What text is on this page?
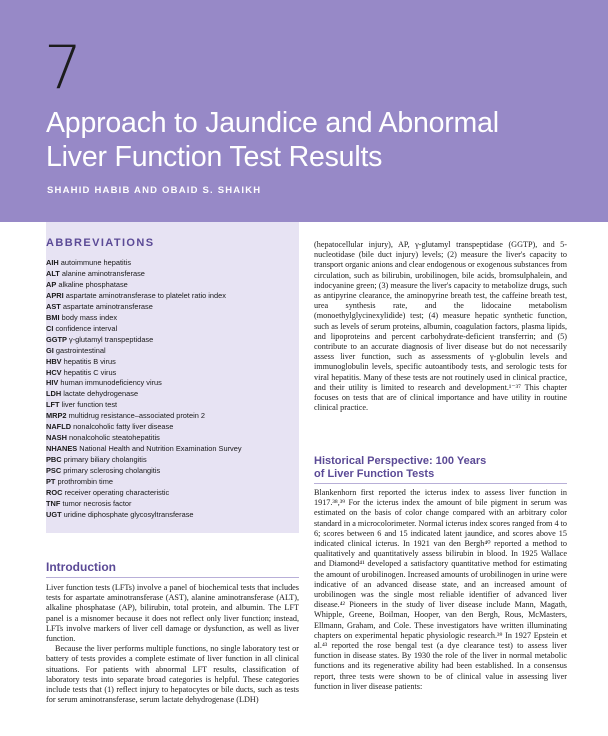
7
Approach to Jaundice and Abnormal
Liver Function Test Results
SHAHID HABIB AND OBAID S. SHAIKH
ABBREVIATIONS
AIH autoimmune hepatitis
ALT alanine aminotransferase
AP alkaline phosphatase
APRI aspartate aminotransferase to platelet ratio index
AST aspartate aminotransferase
BMI body mass index
CI confidence interval
GGTP γ-glutamyl transpeptidase
GI gastrointestinal
HBV hepatitis B virus
HCV hepatitis C virus
HIV human immunodeficiency virus
LDH lactate dehydrogenase
LFT liver function test
MRP2 multidrug resistance–associated protein 2
NAFLD nonalcoholic fatty liver disease
NASH nonalcoholic steatohepatitis
NHANES National Health and Nutrition Examination Survey
PBC primary biliary cholangitis
PSC primary sclerosing cholangitis
PT prothrombin time
ROC receiver operating characteristic
TNF tumor necrosis factor
UGT uridine diphosphate glycosyltransferase
Introduction

Liver function tests (LFTs) involve a panel of biochemical tests that includes tests for aspartate aminotransferase (AST), alanine aminotransferase (ALT), alkaline phosphatase (AP), bilirubin, total protein, and albumin. The LFT panel is a misnomer because it does not reflect only liver function; instead, LFTs involve markers of liver cell damage or dysfunction, as well as liver function.

Because the liver performs multiple functions, no single laboratory test or battery of tests provides a complete estimate of liver function in all clinical situations. For patients with abnormal LFT results, classification of laboratory tests into separate broad categories is helpful. These categories include tests that (1) reflect injury to hepatocytes or bile ducts, such as tests for serum aminotransferase, serum lactate dehydrogenase (LDH)

(hepatocellular injury), AP, γ-glutamyl transpeptidase (GGTP), and 5-nucleotidase (bile duct injury) levels; (2) measure the liver's capacity to transport organic anions and clear endogenous or exogenous substances from circulation, such as bilirubin, urobilinogen, bile acids, bromsulphalein, and indocyanine green; (3) measure the liver's capacity to metabolize drugs, such as antipyrine clearance, the aminopyrine breath test, the caffeine breath test, urea synthesis rate, and the lidocaine metabolism (monoethylglycinexylidide) test; (4) measure hepatic synthetic function, such as levels of serum proteins, albumin, coagulation factors, plasma lipids, and lipoproteins and percent carbohydrate-deficient transferrin; and (5) contribute to an accurate diagnosis of liver disease but do not necessarily assess liver function, such as assessments of γ-globulin levels and immunoglobulin levels, specific autoantibody tests, and serologic tests for viral hepatitis. Many of these tests are not routinely used in clinical practice, and their utility is limited to research and development.¹⁻³⁷ This chapter focuses on tests that are of clinical importance and have utility in routine clinical practice.

Historical Perspective: 100 Years
of Liver Function Tests

Blankenhorn first reported the icterus index to assess liver function in 1917.³⁸,³⁹ For the icterus index the amount of bile pigment in serum was estimated on the basis of color change compared with an arbitrary color standard in a microcolorimeter. Normal icterus index scores ranged from 4 to 6; scores between 6 and 15 indicated latent jaundice, and scores above 15 indicated clinical icterus. In 1921 van den Bergh⁴⁰ reported a method to qualitatively and quantitatively assess bilirubin in blood. In 1925 Wallace and Diamond⁴¹ developed a satisfactory quantitative method for estimating the amount of urobilinogen. Increased amounts of urobilinogen in urine were indicative of an advanced disease state, and an increased amount of urobilinogen was the single most reliable identifier of advanced liver disease.⁴² Pioneers in the study of liver disease include Mann, Magath, Whipple, Greene, Boilman, Hooper, van den Bergh, Rous, McMasters, Ellmann, Graham, and Cole. These investigators have written illuminating chapters on experimental hepatic physiologic research.³⁹ In 1927 Epstein et al.⁴³ reported the rose bengal test (a dye clearance test) to assess liver function in disease states. By 1930 the role of the liver in normal metabolic functions and its regenerative ability had been established. In a consensus report, three tests were shown to be of clinical value in assessing liver function in liver disease patients:
